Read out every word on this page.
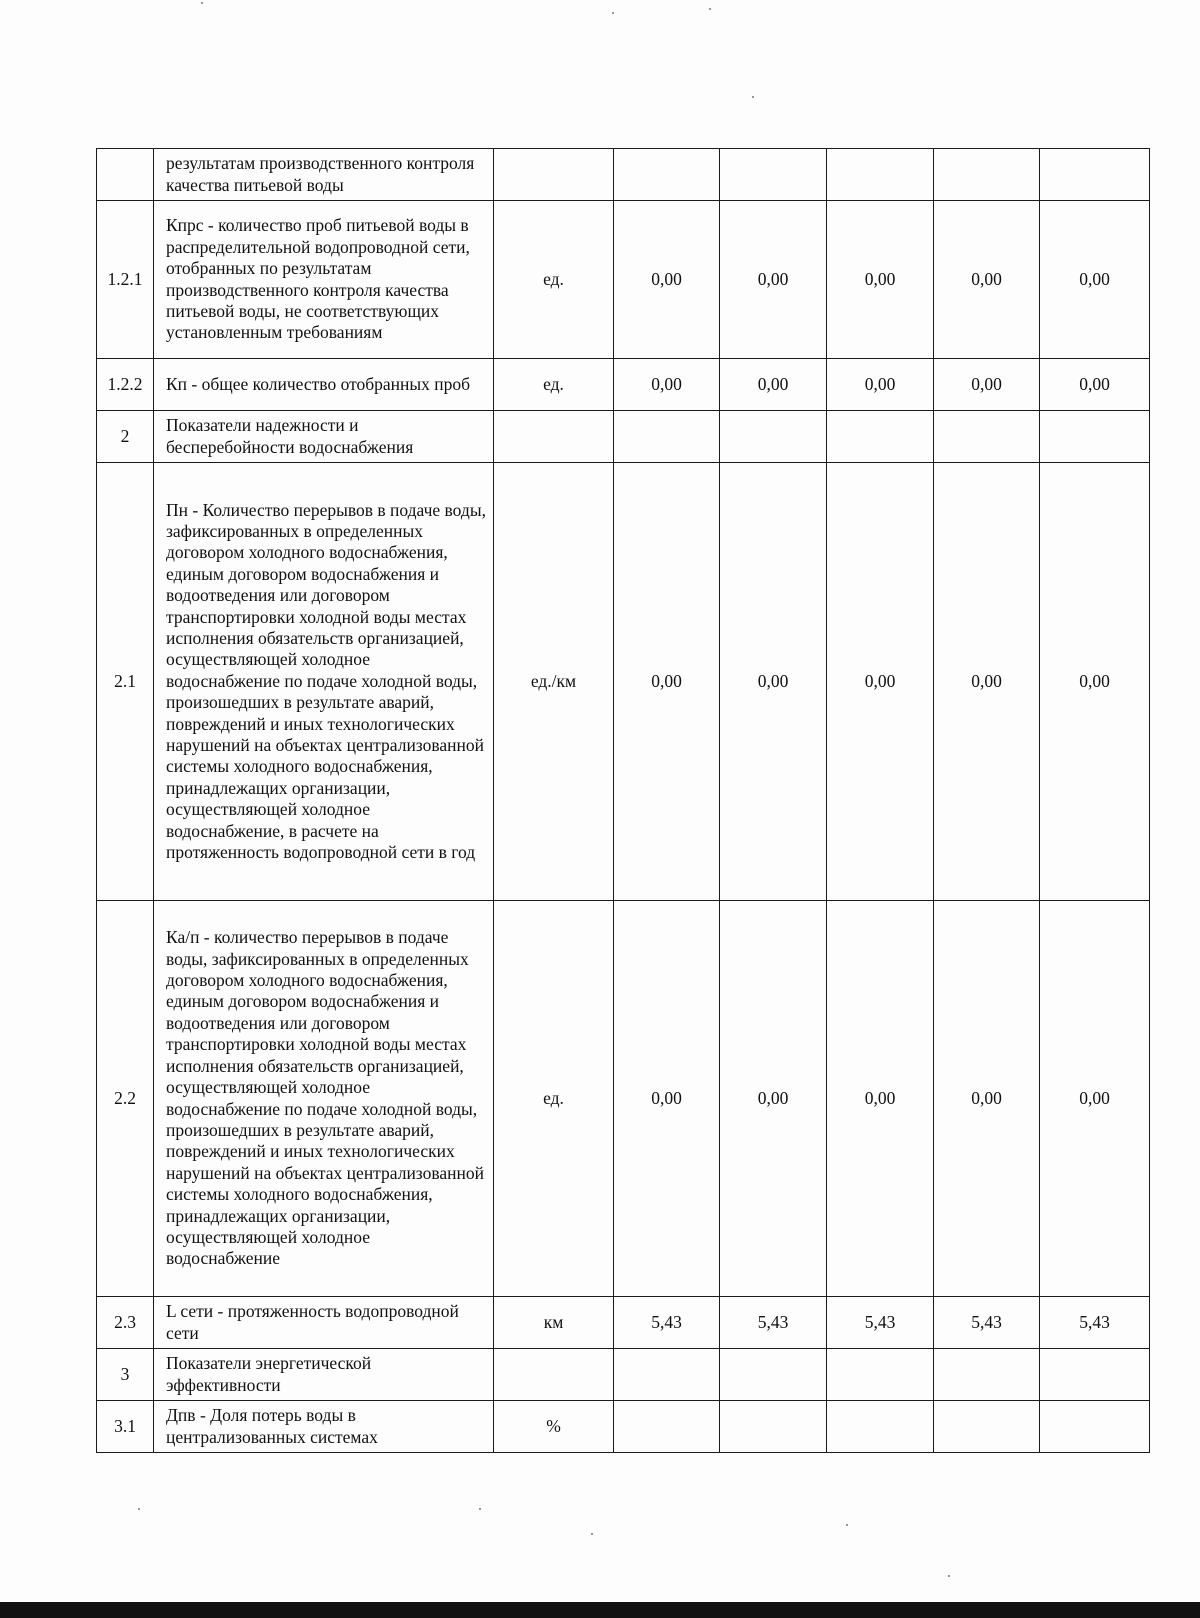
	результатам производственного контроля качества питьевой воды						
1.2.1	Кпрс - количество проб питьевой воды в распределительной водопроводной сети, отобранных по результатам производственного контроля качества питьевой воды, не соответствующих установленным требованиям	ед.	0,00	0,00	0,00	0,00	0,00
1.2.2	Кп - общее количество отобранных проб	ед.	0,00	0,00	0,00	0,00	0,00
2	Показатели надежности и бесперебойности водоснабжения						
2.1	Пн - Количество перерывов в подаче воды, зафиксированных в определенных договором холодного водоснабжения, единым договором водоснабжения и водоотведения или договором транспортировки холодной воды местах исполнения обязательств организацией, осуществляющей холодное водоснабжение по подаче холодной воды, произошедших в результате аварий, повреждений и иных технологических нарушений на объектах централизованной системы холодного водоснабжения, принадлежащих организации, осуществляющей холодное водоснабжение, в расчете на протяженность водопроводной сети в год	ед./км	0,00	0,00	0,00	0,00	0,00
2.2	Ка/п - количество перерывов в подаче воды, зафиксированных в определенных договором холодного водоснабжения, единым договором водоснабжения и водоотведения или договором транспортировки холодной воды местах исполнения обязательств организацией, осуществляющей холодное водоснабжение по подаче холодной воды, произошедших в результате аварий, повреждений и иных технологических нарушений на объектах централизованной системы холодного водоснабжения, принадлежащих организации, осуществляющей холодное водоснабжение	ед.	0,00	0,00	0,00	0,00	0,00
2.3	L сети - протяженность водопроводной сети	км	5,43	5,43	5,43	5,43	5,43
3	Показатели энергетической эффективности						
3.1	Дпв - Доля потерь воды в централизованных системах	%					
